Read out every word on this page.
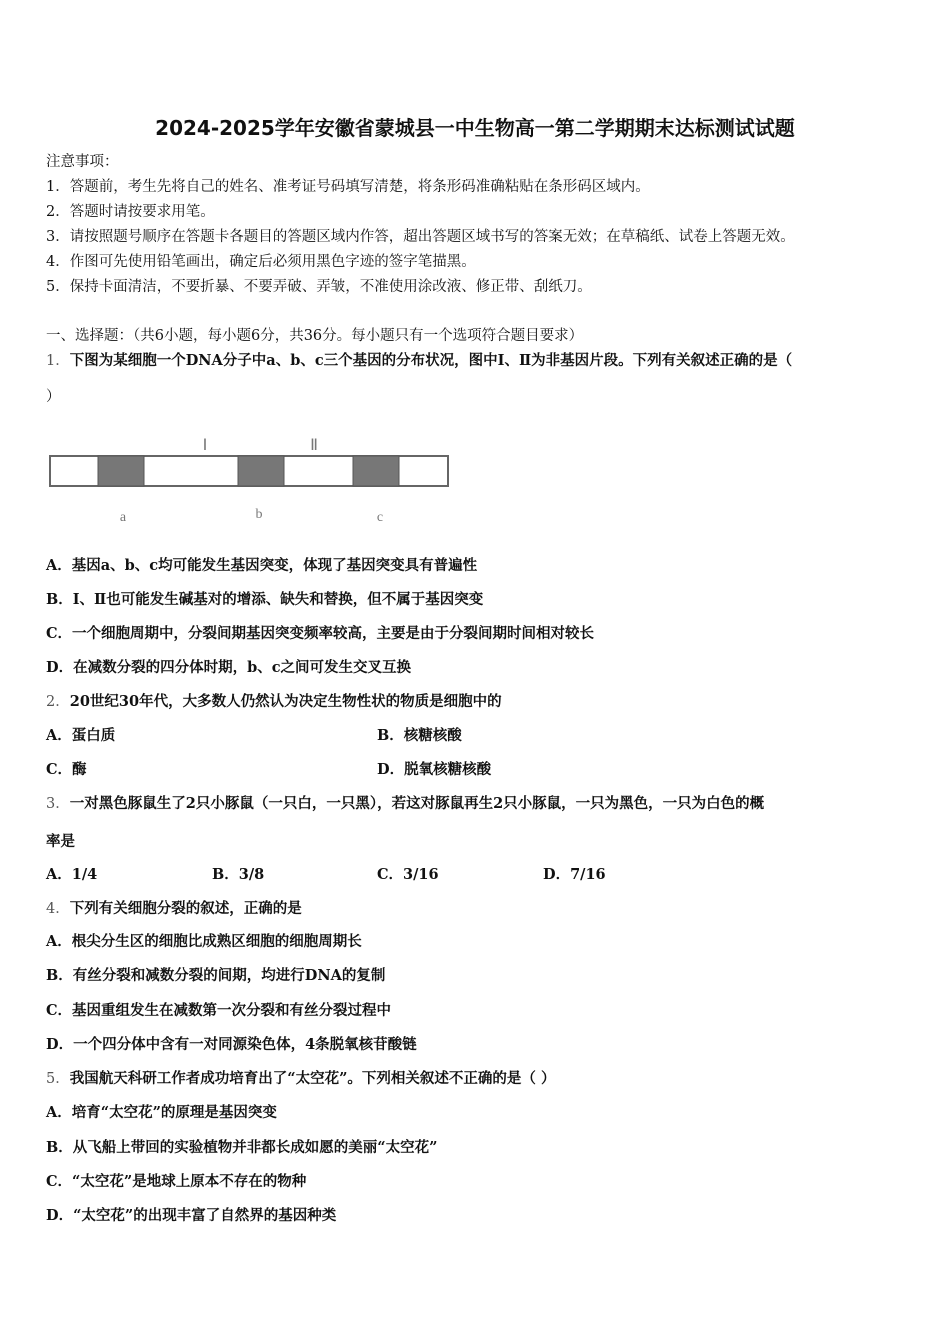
2024-2025学年安徽省蒙城县一中生物高一第二学期期末达标测试试题
注意事项：
1．答题前，考生先将自己的姓名、准考证号码填写清楚，将条形码准确粘贴在条形码区域内。
2．答题时请按要求用笔。
3．请按照题号顺序在答题卡各题目的答题区域内作答，超出答题区域书写的答案无效；在草稿纸、试卷上答题无效。
4．作图可先使用铅笔画出，确定后必须用黑色字迹的签字笔描黑。
5．保持卡面清洁，不要折暴、不要弄破、弄皱，不准使用涂改液、修正带、刮纸刀。
一、选择题：（共6小题，每小题6分，共36分。每小题只有一个选项符合题目要求）
1．下图为某细胞一个DNA分子中a、b、c三个基因的分布状况，图中Ⅰ、Ⅱ为非基因片段。下列有关叙述正确的是（
）
Ⅰ	Ⅱ
a	b	c
A．基因a、b、c均可能发生基因突变，体现了基因突变具有普遍性
B．Ⅰ、Ⅱ也可能发生碱基对的增添、缺失和替换，但不属于基因突变
C．一个细胞周期中，分裂间期基因突变频率较高，主要是由于分裂间期时间相对较长
D．在减数分裂的四分体时期，b、c之间可发生交叉互换
2．20世纪30年代，大多数人仍然认为决定生物性状的物质是细胞中的
A．蛋白质	B．核糖核酸
C．酶	D．脱氧核糖核酸
3．一对黑色豚鼠生了2只小豚鼠（一只白，一只黑），若这对豚鼠再生2只小豚鼠，一只为黑色，一只为白色的概
率是
A．1/4	B．3/8	C．3/16	D．7/16
4．下列有关细胞分裂的叙述，正确的是
A．根尖分生区的细胞比成熟区细胞的细胞周期长
B．有丝分裂和减数分裂的间期，均进行DNA的复制
C．基因重组发生在减数第一次分裂和有丝分裂过程中
D．一个四分体中含有一对同源染色体，4条脱氧核苷酸链
5．我国航天科研工作者成功培育出了“太空花”。下列相关叙述不正确的是（ ）
A．培育“太空花”的原理是基因突变
B．从飞船上带回的实验植物并非都长成如愿的美丽“太空花”
C．“太空花”是地球上原本不存在的物种
D．“太空花”的出现丰富了自然界的基因种类
